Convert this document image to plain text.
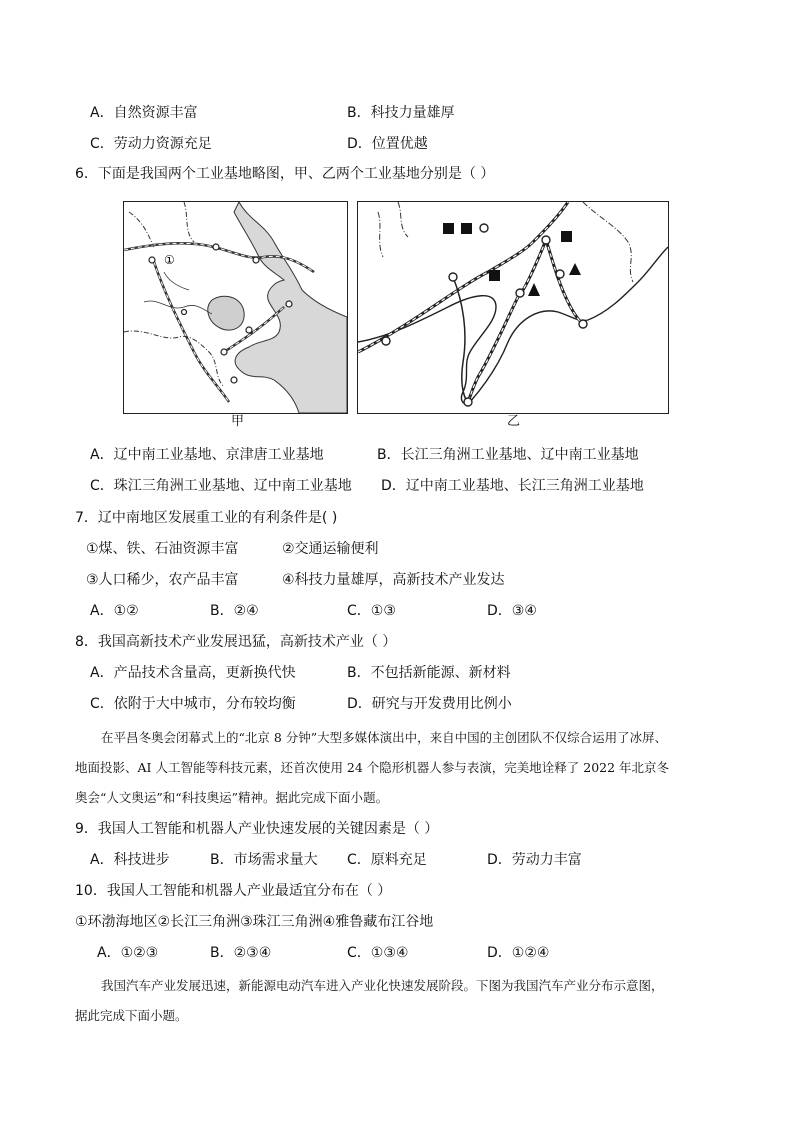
A．自然资源丰富	B．科技力量雄厚
C．劳动力资源充足	D．位置优越
6．下面是我国两个工业基地略图，甲、乙两个工业基地分别是（ ）
①
甲	乙
A．辽中南工业基地、京津唐工业基地	B．长江三角洲工业基地、辽中南工业基地
C．珠江三角洲工业基地、辽中南工业基地 D．辽中南工业基地、长江三角洲工业基地
7．辽中南地区发展重工业的有利条件是( )
①煤、铁、石油资源丰富	②交通运输便利
③人口稀少，农产品丰富	④科技力量雄厚，高新技术产业发达
A．①②	B．②④	C．①③	D．③④
8．我国高新技术产业发展迅猛，高新技术产业（ ）
A．产品技术含量高，更新换代快	B．不包括新能源、新材料
C．依附于大中城市，分布较均衡	D．研究与开发费用比例小
在平昌冬奥会闭幕式上的“北京 8 分钟”大型多媒体演出中，来自中国的主创团队不仅综合运用了冰屏、
地面投影、AI 人工智能等科技元素，还首次使用 24 个隐形机器人参与表演，完美地诠释了 2022 年北京冬
奥会“人文奥运”和“科技奥运”精神。据此完成下面小题。
9．我国人工智能和机器人产业快速发展的关键因素是（ ）
A．科技进步	B．市场需求量大 C．原料充足	D．劳动力丰富
10．我国人工智能和机器人产业最适宜分布在（ ）
①环渤海地区②长江三角洲③珠江三角洲④雅鲁藏布江谷地
A．①②③	B．②③④	C．①③④	D．①②④
我国汽车产业发展迅速，新能源电动汽车进入产业化快速发展阶段。下图为我国汽车产业分布示意图，
据此完成下面小题。
